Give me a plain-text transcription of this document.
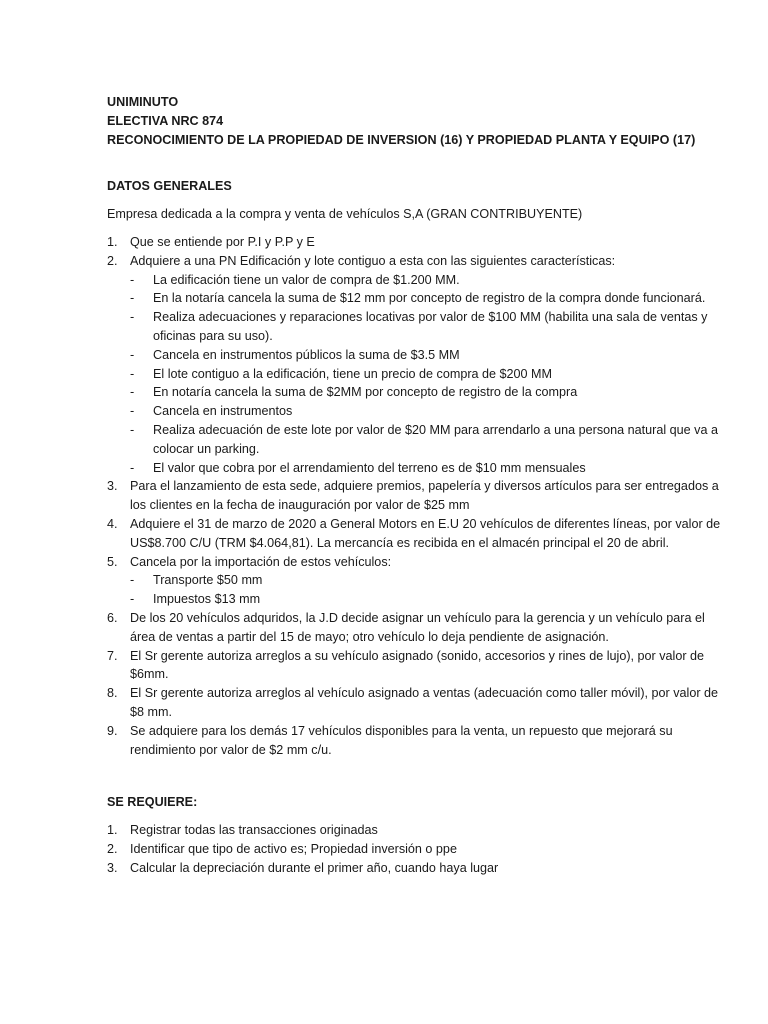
UNIMINUTO
ELECTIVA NRC 874
RECONOCIMIENTO DE LA PROPIEDAD DE INVERSION (16) Y PROPIEDAD PLANTA Y EQUIPO (17)
DATOS GENERALES
Empresa dedicada a la compra y venta de vehículos S,A (GRAN CONTRIBUYENTE)
1. Que se entiende por P.I y P.P y E
2. Adquiere a una PN Edificación y lote contiguo a esta con las siguientes características:
- La edificación tiene un valor de compra de $1.200 MM.
- En la notaría cancela la suma de $12 mm por concepto de registro de la compra donde funcionará.
- Realiza adecuaciones y reparaciones locativas por valor de $100 MM (habilita una sala de ventas y oficinas para su uso).
- Cancela en instrumentos públicos la suma de $3.5 MM
- El lote contiguo a la edificación, tiene un precio de compra de $200 MM
- En notaría cancela la suma de $2MM por concepto de registro de la compra
- Cancela en instrumentos
- Realiza adecuación de este lote por valor de $20 MM para arrendarlo a una persona natural que va a colocar un parking.
- El valor que cobra por el arrendamiento del terreno es de $10 mm mensuales
3. Para el lanzamiento de esta sede, adquiere premios, papelería y diversos artículos para ser entregados a los clientes en la fecha de inauguración por valor de $25 mm
4. Adquiere el 31 de marzo de 2020 a General Motors en E.U 20 vehículos de diferentes líneas, por valor de US$8.700 C/U (TRM $4.064,81). La mercancía es recibida en el almacén principal el 20 de abril.
5. Cancela por la importación de estos vehículos:
- Transporte $50 mm
- Impuestos $13 mm
6. De los 20 vehículos adquridos, la J.D decide asignar un vehículo para la gerencia y un vehículo para el área de ventas a partir del 15 de mayo; otro vehículo lo deja pendiente de asignación.
7. El Sr gerente autoriza arreglos a su vehículo asignado (sonido, accesorios y rines de lujo), por valor de $6mm.
8. El Sr gerente autoriza arreglos al vehículo asignado a ventas (adecuación como taller móvil), por valor de $8 mm.
9. Se adquiere para los demás 17 vehículos disponibles para la venta, un repuesto que mejorará su rendimiento por valor de $2 mm c/u.
SE REQUIERE:
1. Registrar todas las transacciones originadas
2. Identificar que tipo de activo es; Propiedad inversión o ppe
3. Calcular la depreciación durante el primer año, cuando haya lugar
